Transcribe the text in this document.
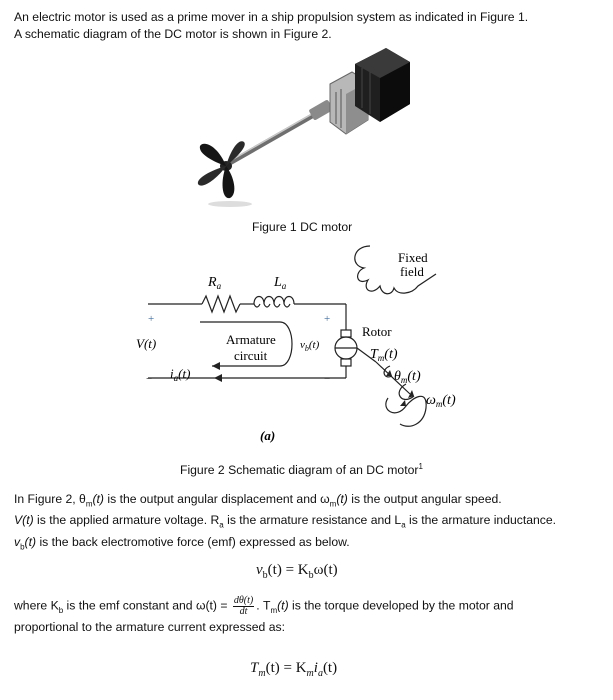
An electric motor is used as a prime mover in a ship propulsion system as indicated in Figure 1.
A schematic diagram of the DC motor is shown in Figure 2.
Figure 1 DC motor
Fixed
field
$R_a$	$L_a$
+	+
−	−
V(t)
$i_a(t)$
Armature
circuit
$v_b(t)$
Rotor
$T_m(t)$
$\theta_m(t)$
$\omega_m(t)$
(a)
Figure 2 Schematic diagram of an DC motor$^1$
In Figure 2, $\theta_m(t)$ is the output angular displacement and $\omega_m(t)$ is the output angular speed.
V(t) is the applied armature voltage. $R_a$ is the armature resistance and $L_a$ is the armature inductance.
$v_b(t)$ is the back electromotive force (emf) expressed as below.
$v_b(t) = K_b\omega(t)$
where $K_b$ is the emf constant and $\omega(t) = \frac{d\theta(t)}{dt}$ . $T_m(t)$ is the torque developed by the motor and
proportional to the armature current expressed as:
$T_m(t) = K_mi_a(t)$
